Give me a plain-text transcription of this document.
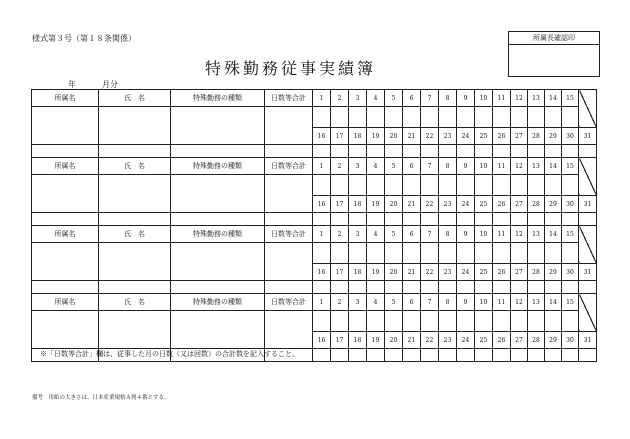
様式第３号（第１８条関係）
特殊勤務従事実績簿
所属長確認印
年	月分
所属名	氏　名	特殊勤務の種類	日数等合計	1	2	3	4	5	6	7	8	9	10	11	12	13	14	15	

				16	17	18	19	20	21	22	23	24	25	26	27	28	29	30	31

所属名	氏　名	特殊勤務の種類	日数等合計	1	2	3	4	5	6	7	8	9	10	11	12	13	14	15	

				16	17	18	19	20	21	22	23	24	25	26	27	28	29	30	31

所属名	氏　名	特殊勤務の種類	日数等合計	1	2	3	4	5	6	7	8	9	10	11	12	13	14	15	

				16	17	18	19	20	21	22	23	24	25	26	27	28	29	30	31

所属名	氏　名	特殊勤務の種類	日数等合計	1	2	3	4	5	6	7	8	9	10	11	12	13	14	15	

				16	17	18	19	20	21	22	23	24	25	26	27	28	29	30	31

※「日数等合計」欄は、従事した月の日数（又は回数）の合計数を記入すること。
備考　用紙の大きさは、日本産業規格Ａ列４番とする。
